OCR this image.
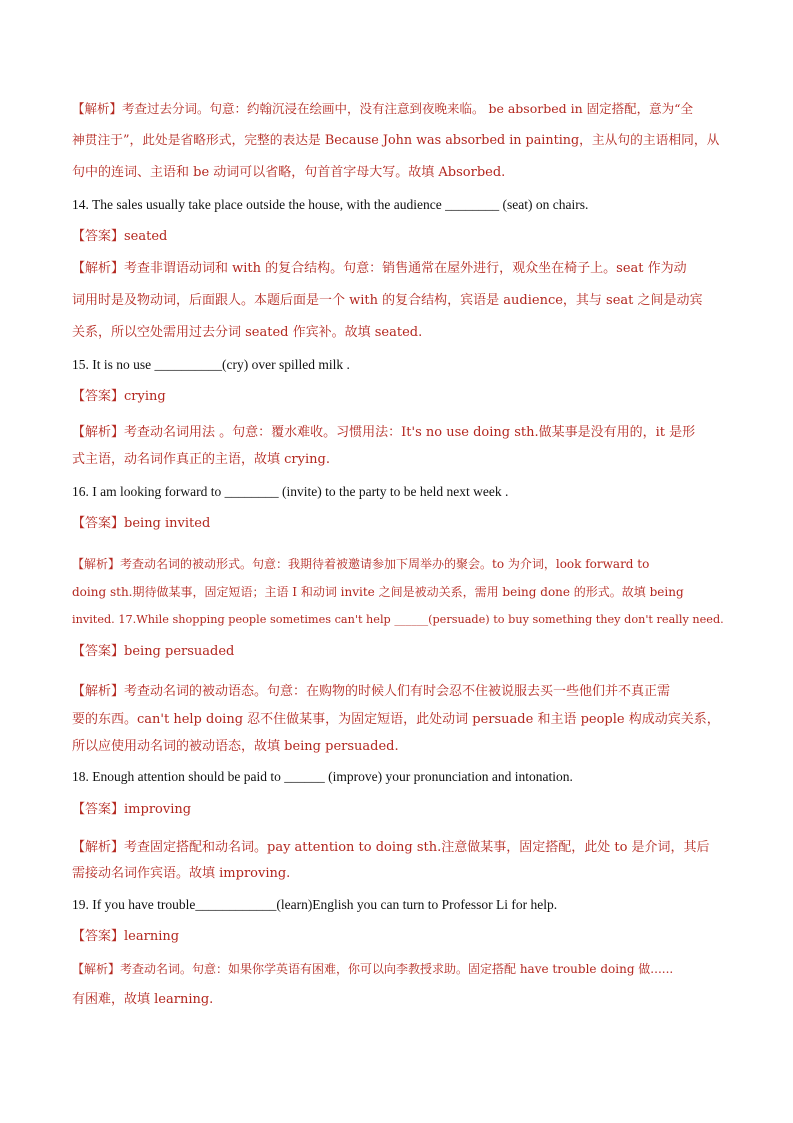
【解析】考查过去分词。句意：约翰沉浸在绘画中，没有注意到夜晚来临。 be absorbed in 固定搭配，意为“全
神贯注于”，此处是省略形式，完整的表达是 Because John was absorbed in painting，主从句的主语相同，从
句中的连词、主语和 be 动词可以省略，句首首字母大写。故填 Absorbed.
14. The sales usually take place outside the house, with the audience ________ (seat) on chairs.
【答案】seated
【解析】考查非谓语动词和 with 的复合结构。句意：销售通常在屋外进行，观众坐在椅子上。seat 作为动
词用时是及物动词，后面跟人。本题后面是一个 with 的复合结构，宾语是 audience，其与 seat 之间是动宾
关系，所以空处需用过去分词 seated 作宾补。故填 seated.
15. It is no use __________(cry) over spilled milk .
【答案】crying
【解析】考查动名词用法 。句意：覆水难收。习惯用法：It's no use doing sth.做某事是没有用的，it 是形
式主语，动名词作真正的主语，故填 crying.
16. I am looking forward to ________ (invite) to the party to be held next week .
【答案】being invited
【解析】考查动名词的被动形式。句意：我期待着被邀请参加下周举办的聚会。to 为介词，look forward to
doing sth.期待做某事，固定短语；主语 I 和动词 invite 之间是被动关系，需用 being done 的形式。故填 being
invited. 17.While shopping people sometimes can't help ______(persuade) to buy something they don't really need.
【答案】being persuaded
【解析】考查动名词的被动语态。句意：在购物的时候人们有时会忍不住被说服去买一些他们并不真正需
要的东西。can't help doing 忍不住做某事，为固定短语，此处动词 persuade 和主语 people 构成动宾关系，
所以应使用动名词的被动语态，故填 being persuaded.
18. Enough attention should be paid to ______ (improve) your pronunciation and intonation.
【答案】improving
【解析】考查固定搭配和动名词。pay attention to doing sth.注意做某事，固定搭配，此处 to 是介词，其后
需接动名词作宾语。故填 improving.
19. If you have trouble____________(learn)English you can turn to Professor Li for help.
【答案】learning
【解析】考查动名词。句意：如果你学英语有困难，你可以向李教授求助。固定搭配 have trouble doing 做......
有困难，故填 learning.
